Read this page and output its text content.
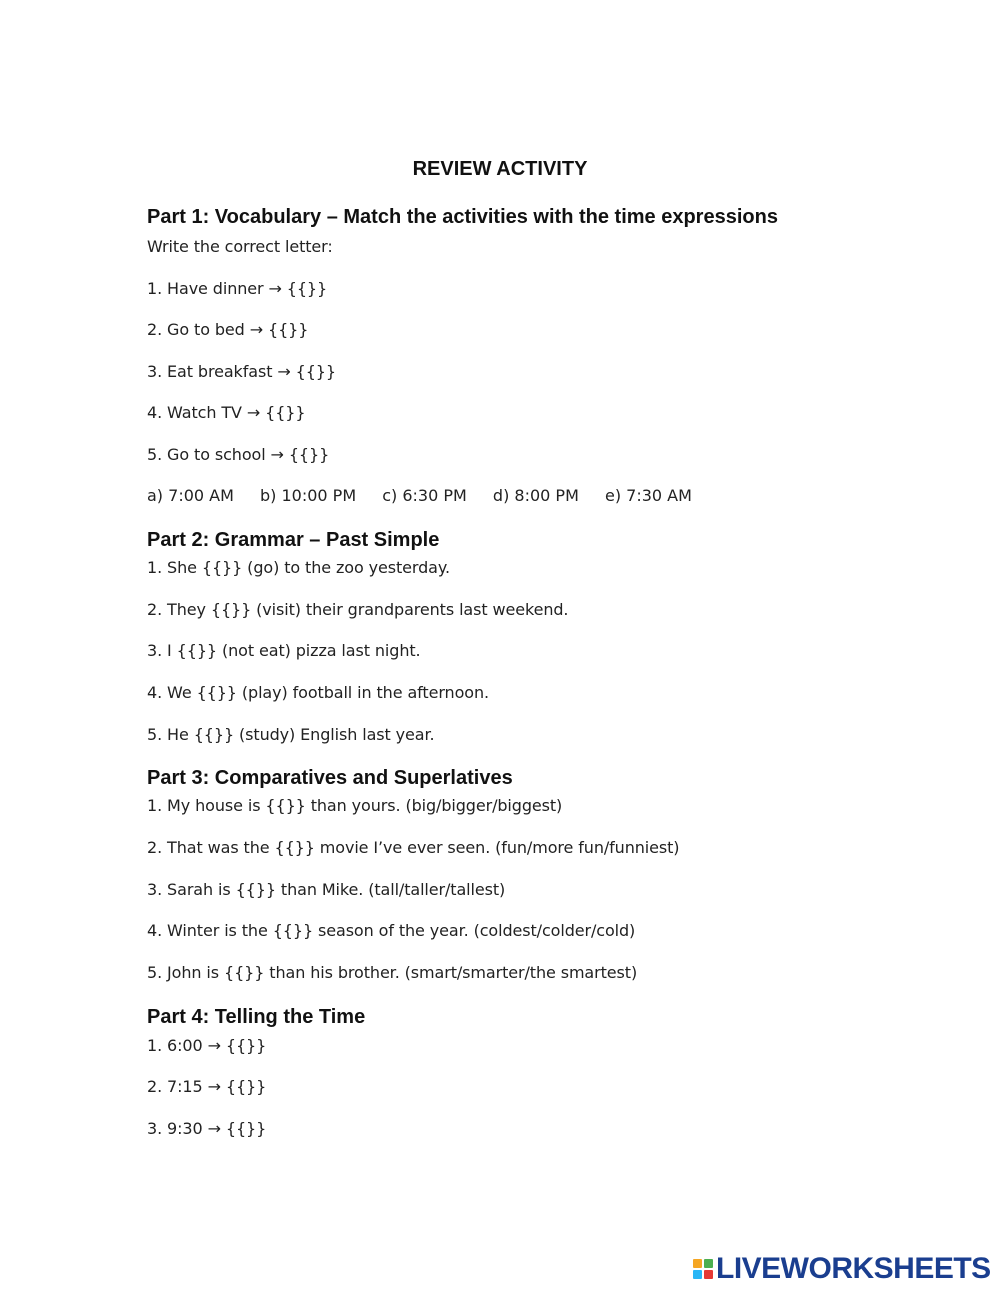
REVIEW ACTIVITY
Part 1: Vocabulary – Match the activities with the time expressions
Write the correct letter:
1. Have dinner → {{}}
2. Go to bed → {{}}
3. Eat breakfast → {{}}
4. Watch TV → {{}}
5. Go to school → {{}}
a) 7:00 AM b) 10:00 PM c) 6:30 PM d) 8:00 PM e) 7:30 AM
Part 2: Grammar – Past Simple
1. She {{}} (go) to the zoo yesterday.
2. They {{}} (visit) their grandparents last weekend.
3. I {{}} (not eat) pizza last night.
4. We {{}} (play) football in the afternoon.
5. He {{}} (study) English last year.
Part 3: Comparatives and Superlatives
1. My house is {{}} than yours. (big/bigger/biggest)
2. That was the {{}} movie I’ve ever seen. (fun/more fun/funniest)
3. Sarah is {{}} than Mike. (tall/taller/tallest)
4. Winter is the {{}} season of the year. (coldest/colder/cold)
5. John is {{}} than his brother. (smart/smarter/the smartest)
Part 4: Telling the Time
1. 6:00 → {{}}
2. 7:15 → {{}}
3. 9:30 → {{}}
LIVEWORKSHEETS
